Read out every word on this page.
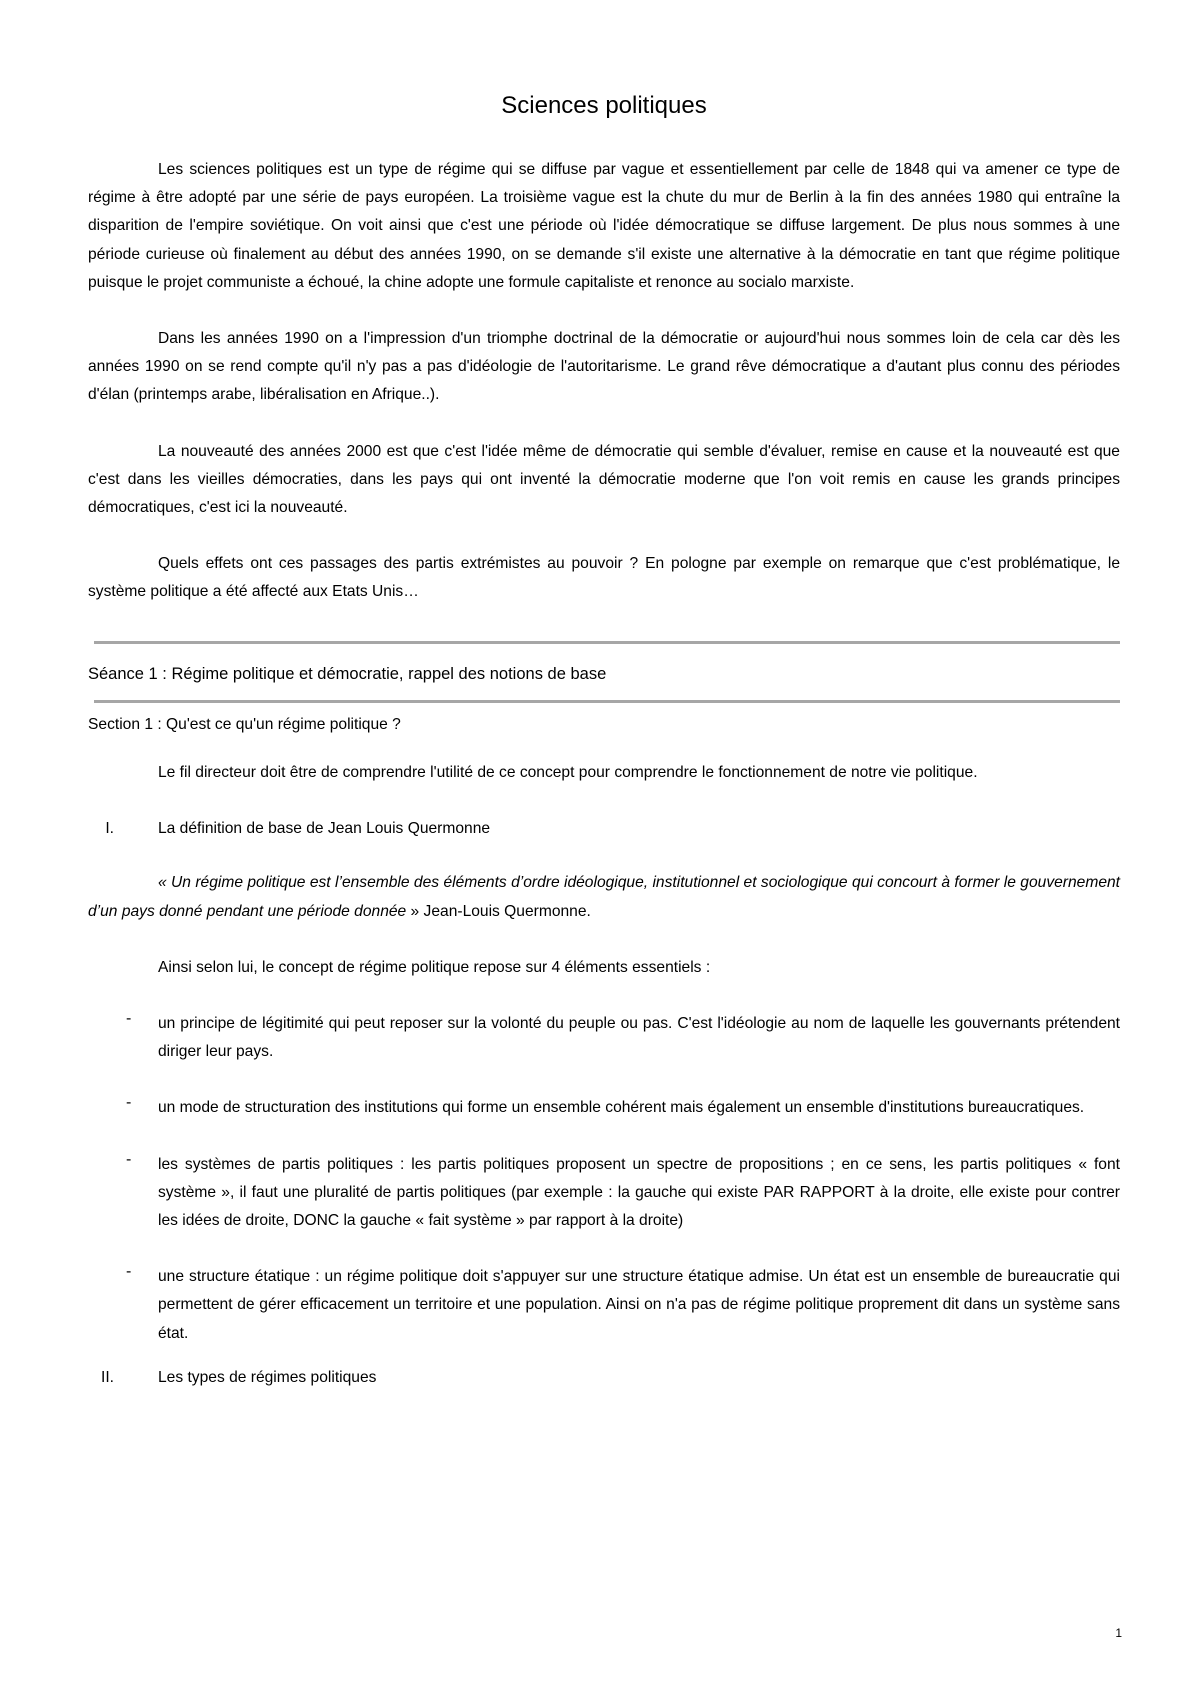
Sciences politiques

Les sciences politiques est un type de régime qui se diffuse par vague et essentiellement par celle de 1848 qui va amener ce type de régime à être adopté par une série de pays européen. La troisième vague est la chute du mur de Berlin à la fin des années 1980 qui entraîne la disparition de l'empire soviétique. On voit ainsi que c'est une période où l'idée démocratique se diffuse largement. De plus nous sommes à une période curieuse où finalement au début des années 1990, on se demande s'il existe une alternative à la démocratie en tant que régime politique puisque le projet communiste a échoué, la chine adopte une formule capitaliste et renonce au socialo marxiste.

Dans les années 1990 on a l'impression d'un triomphe doctrinal de la démocratie or aujourd'hui nous sommes loin de cela car dès les années 1990 on se rend compte qu'il n'y pas a pas d'idéologie de l'autoritarisme. Le grand rêve démocratique a d'autant plus connu des périodes d'élan (printemps arabe, libéralisation en Afrique..).

La nouveauté des années 2000 est que c'est l'idée même de démocratie qui semble d'évaluer, remise en cause et la nouveauté est que c'est dans les vieilles démocraties, dans les pays qui ont inventé la démocratie moderne que l'on voit remis en cause les grands principes démocratiques, c'est ici la nouveauté.

Quels effets ont ces passages des partis extrémistes au pouvoir ? En pologne par exemple on remarque que c'est problématique, le système politique a été affecté aux Etats Unis…

Séance 1 : Régime politique et démocratie, rappel des notions de base

Section 1 : Qu'est ce qu'un régime politique ?

Le fil directeur doit être de comprendre l'utilité de ce concept pour comprendre le fonctionnement de notre vie politique.

I.	La définition de base de Jean Louis Quermonne

« Un régime politique est l’ensemble des éléments d’ordre idéologique, institutionnel et sociologique qui concourt à former le gouvernement d’un pays donné pendant une période donnée » Jean-Louis Quermonne.

Ainsi selon lui, le concept de régime politique repose sur 4 éléments essentiels :

-	un principe de légitimité qui peut reposer sur la volonté du peuple ou pas. C'est l'idéologie au nom de laquelle les gouvernants prétendent diriger leur pays.

-	un mode de structuration des institutions qui forme un ensemble cohérent mais également un ensemble d'institutions bureaucratiques.

-	les systèmes de partis politiques : les partis politiques proposent un spectre de propositions ; en ce sens, les partis politiques « font système », il faut une pluralité de partis politiques (par exemple : la gauche qui existe PAR RAPPORT à la droite, elle existe pour contrer les idées de droite, DONC la gauche « fait système » par rapport à la droite)

-	une structure étatique : un régime politique doit s'appuyer sur une structure étatique admise. Un état est un ensemble de bureaucratie qui permettent de gérer efficacement un territoire et une population. Ainsi on n'a pas de régime politique proprement dit dans un système sans état.

II.	Les types de régimes politiques

1
